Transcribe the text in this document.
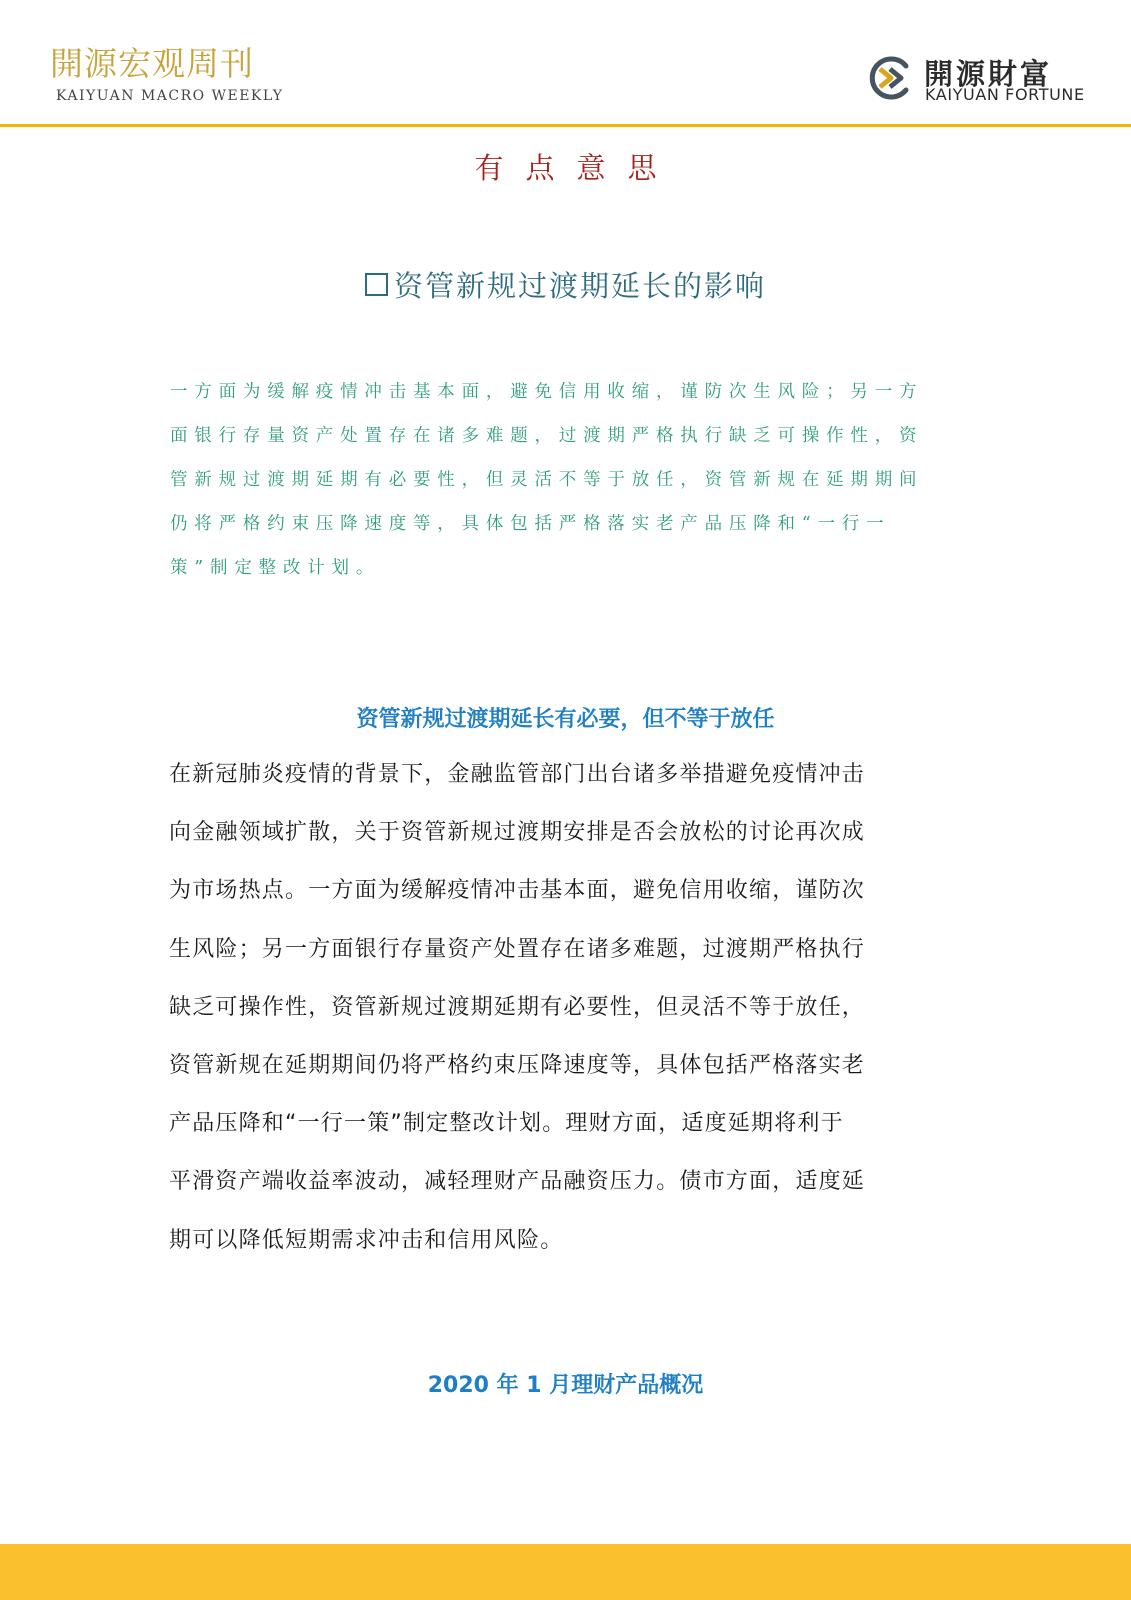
開源宏观周刊
KAIYUAN MACRO WEEKLY
開源財富
KAIYUAN FORTUNE
有点意思
资管新规过渡期延长的影响
一方面为缓解疫情冲击基本面，避免信用收缩，谨防次生风险；另一方
面银行存量资产处置存在诸多难题，过渡期严格执行缺乏可操作性，资
管新规过渡期延期有必要性，但灵活不等于放任，资管新规在延期期间
仍将严格约束压降速度等，具体包括严格落实老产品压降和“一行一
策”制定整改计划。
资管新规过渡期延长有必要，但不等于放任
在新冠肺炎疫情的背景下，金融监管部门出台诸多举措避免疫情冲击
向金融领域扩散，关于资管新规过渡期安排是否会放松的讨论再次成
为市场热点。一方面为缓解疫情冲击基本面，避免信用收缩，谨防次
生风险；另一方面银行存量资产处置存在诸多难题，过渡期严格执行
缺乏可操作性，资管新规过渡期延期有必要性，但灵活不等于放任，
资管新规在延期期间仍将严格约束压降速度等，具体包括严格落实老
产品压降和“一行一策”制定整改计划。理财方面，适度延期将利于
平滑资产端收益率波动，减轻理财产品融资压力。债市方面，适度延
期可以降低短期需求冲击和信用风险。
2020 年 1 月理财产品概况
